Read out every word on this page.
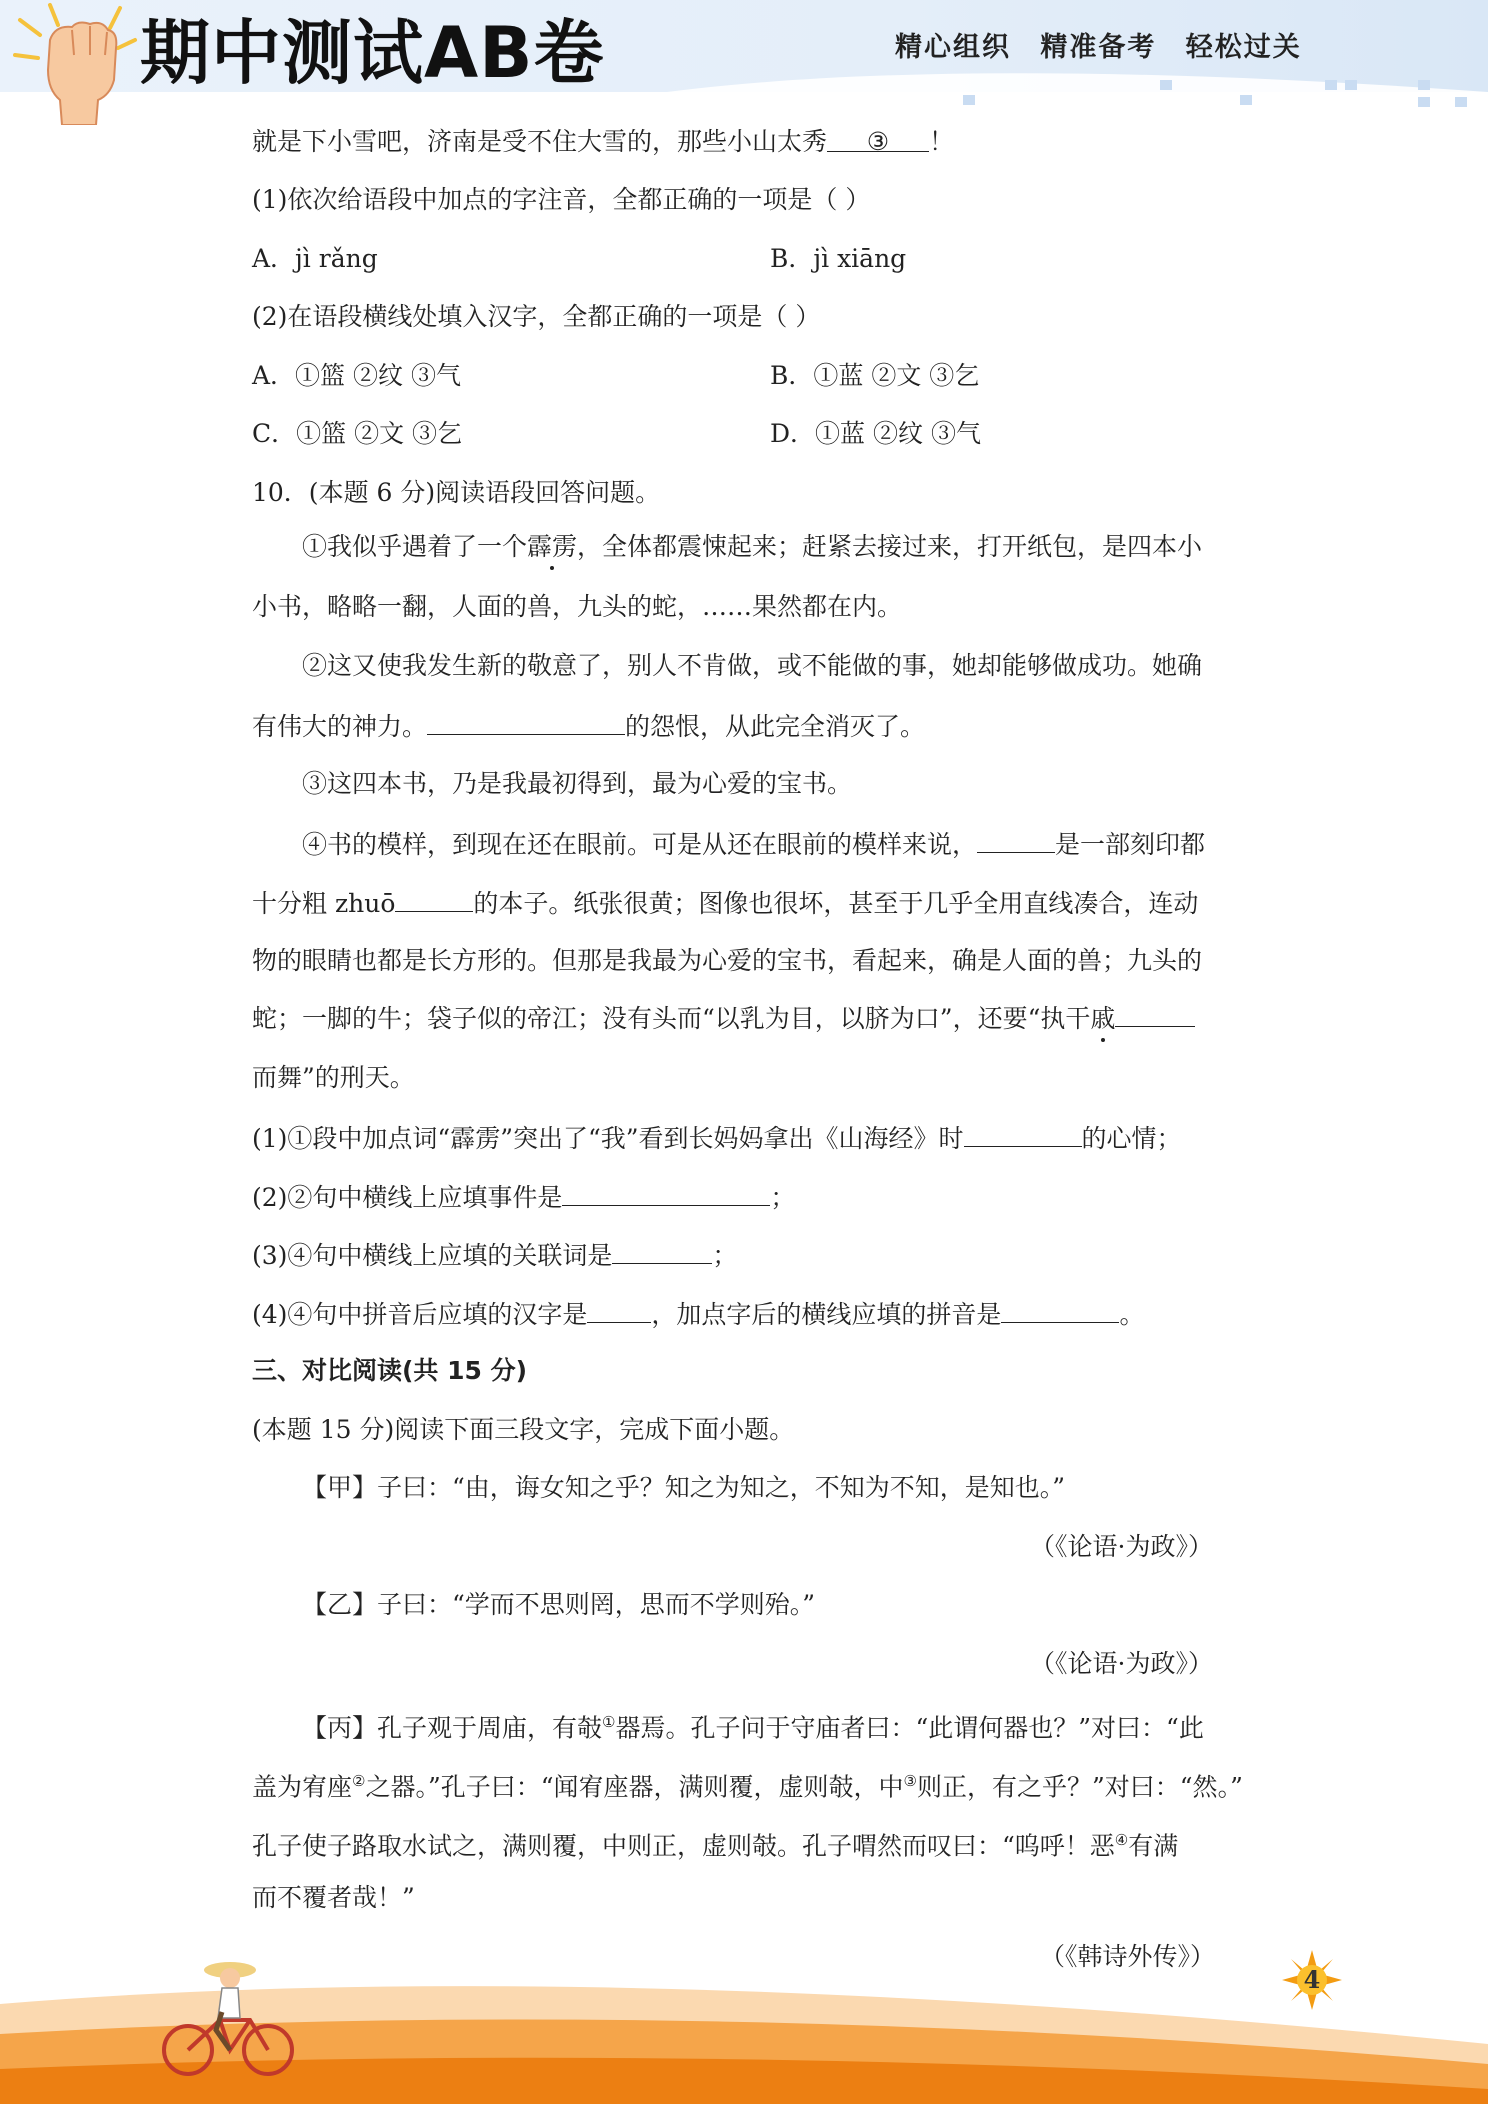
期中测试AB卷	精心组织 精准备考 轻松过关
就是下小雪吧，济南是受不住大雪的，那些小山太秀 ③ ！
(1)依次给语段中加点的字注音，全都正确的一项是（ ）
A．jì rǎng	B．jì xiāng
(2)在语段横线处填入汉字，全都正确的一项是（ ）
A．①篮 ②纹 ③气	B．①蓝 ②文 ③乞
C．①篮 ②文 ③乞	D．①蓝 ②纹 ③气
10．(本题 6 分)阅读语段回答问题。
①我似乎遇着了一个霹雳，全体都震悚起来；赶紧去接过来，打开纸包，是四本小
小书，略略一翻，人面的兽，九头的蛇，……果然都在内。
②这又使我发生新的敬意了，别人不肯做，或不能做的事，她却能够做成功。她确
有伟大的神力。	的怨恨，从此完全消灭了。
③这四本书，乃是我最初得到，最为心爱的宝书。
④书的模样，到现在还在眼前。可是从还在眼前的模样来说，	是一部刻印都
十分粗 zhuō	的本子。纸张很黄；图像也很坏，甚至于几乎全用直线凑合，连动
物的眼睛也都是长方形的。但那是我最为心爱的宝书，看起来，确是人面的兽；九头的
蛇；一脚的牛；袋子似的帝江；没有头而“以乳为目，以脐为口”，还要“执干戚
而舞”的刑天。
(1)①段中加点词“霹雳”突出了“我”看到长妈妈拿出《山海经》时	的心情；
(2)②句中横线上应填事件是	；
(3)④句中横线上应填的关联词是	；
(4)④句中拼音后应填的汉字是	，加点字后的横线应填的拼音是	。
三、对比阅读(共 15 分)
(本题 15 分)阅读下面三段文字，完成下面小题。
【甲】子曰：“由，诲女知之乎？知之为知之，不知为不知，是知也。”
（《论语·为政》）
【乙】子曰：“学而不思则罔，思而不学则殆。”
（《论语·为政》）
【丙】孔子观于周庙，有攲①器焉。孔子问于守庙者曰：“此谓何器也？”对曰：“此
盖为宥座②之器。”孔子曰：“闻宥座器，满则覆，虚则攲，中③则正，有之乎？”对曰：“然。”
孔子使子路取水试之，满则覆，中则正，虚则攲。孔子喟然而叹曰：“呜呼！恶④有满
而不覆者哉！”
（《韩诗外传》）
4
